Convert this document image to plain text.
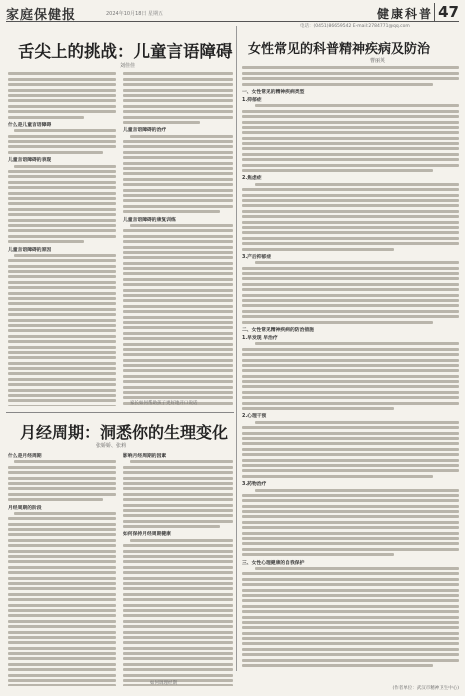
家庭保健报	2024年10月18日 星期五	健康科普 47
电话：(0451)86659542 E-mail:2784771@qq.com
舌尖上的挑战：儿童言语障碍
刘佳佳
什么是儿童言语障碍
儿童言语障碍的表现
儿童言语障碍的原因
儿童言语障碍的治疗
儿童言语障碍的康复训练
家长如何帮助孩子更好地开口说话
月经周期：洞悉你的生理变化
张娇娇、张莉
什么是月经周期
月经周期的阶段
影响月经周期的因素
如何保持月经周期健康
如何调理经期
女性常见的科普精神疾病及防治
曹丽英
一、女性常见的精神疾病类型
1.抑郁症
2.焦虑症
3.产后抑郁症
二、女性常见精神疾病的防治措施
1.早发现 早治疗
2.心理干预
3.药物治疗
三、女性心理健康的自我保护
(作者单位：武汉市精神卫生中心)
